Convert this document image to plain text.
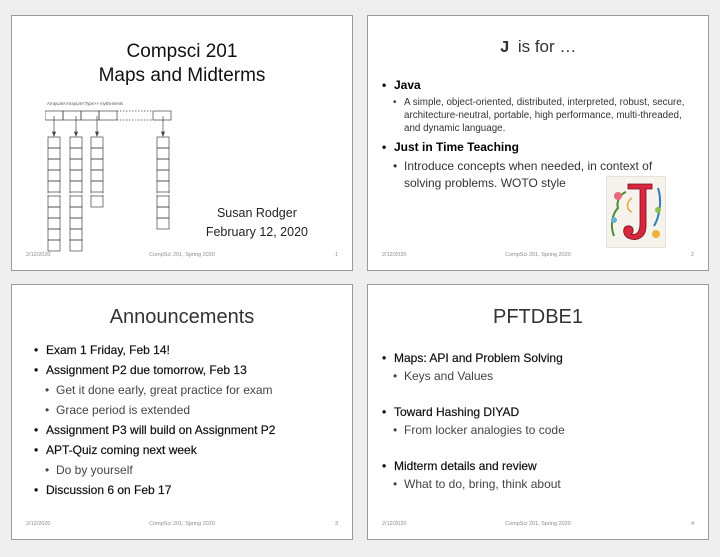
Compsci 201
Maps and Midterms
ArrayList<ArrayList<Type>> myElements
Susan Rodger
February 12, 2020
2/12/2020	CompSci 201, Spring 2020	1
J is for …
• Java
• A simple, object-oriented, distributed, interpreted, robust, secure, architecture-neutral, portable, high performance, multi-threaded, and dynamic language.
• Just in Time Teaching
• Introduce concepts when needed, in context of solving problems. WOTO style
2/12/2020	CompSci 201, Spring 2020	2
Announcements
• Exam 1 Friday, Feb 14!
• Assignment P2 due tomorrow, Feb 13
• Get it done early, great practice for exam
• Grace period is extended
• Assignment P3 will build on Assignment P2
• APT-Quiz coming next week
• Do by yourself
• Discussion 6 on Feb 17
2/12/2020	CompSci 201, Spring 2020	3
PFTDBE1
• Maps: API and Problem Solving
• Keys and Values
• Toward Hashing DIYAD
• From locker analogies to code
• Midterm details and review
• What to do, bring, think about
2/12/2020	CompSci 201, Spring 2020	4
